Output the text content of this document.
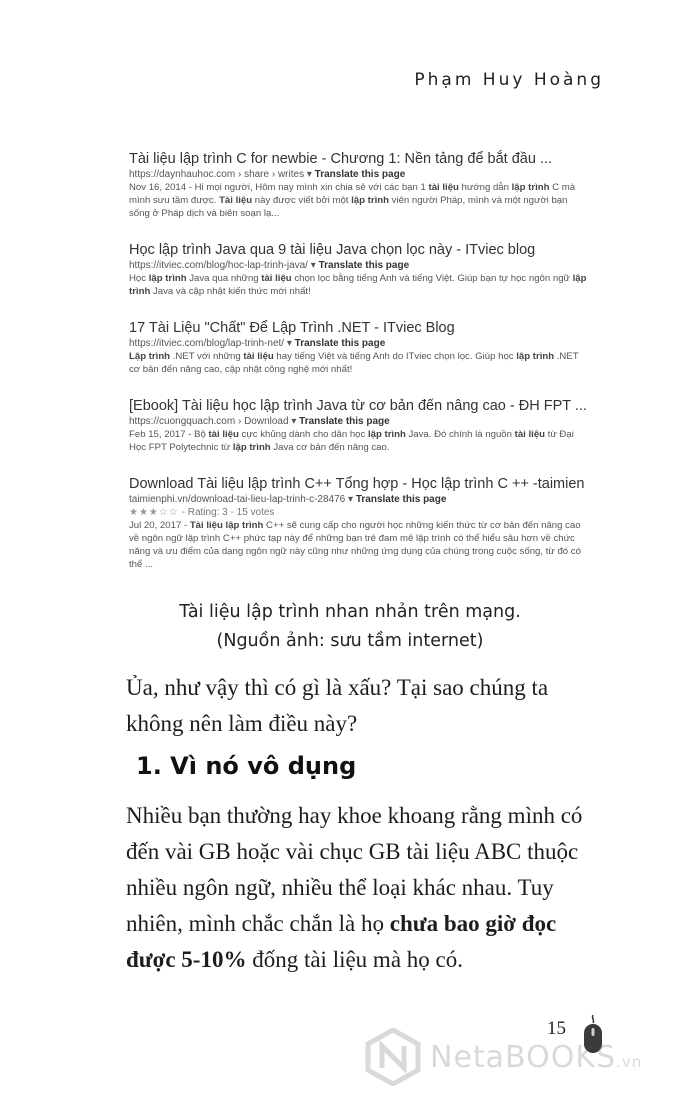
Phạm Huy Hoàng
Tài liệu lập trình C for newbie - Chương 1: Nền tảng để bắt đầu ...
https://daynhauhoc.com › share › writes ▾ Translate this page
Nov 16, 2014 - Hi mọi người, Hôm nay mình xin chia sẻ với các bạn 1 tài liệu hướng dẫn lập trình C mà mình sưu tầm được. Tài liệu này được viết bởi một lập trình viên người Pháp, mình và một người bạn sống ở Pháp dịch và biên soạn lạ...
Học lập trình Java qua 9 tài liệu Java chọn lọc này - ITviec blog
https://itviec.com/blog/hoc-lap-trinh-java/ ▾ Translate this page
Học lập trình Java qua những tài liệu chọn lọc bằng tiếng Anh và tiếng Việt. Giúp bạn tự học ngôn ngữ lập trình Java và cập nhật kiến thức mới nhất!
17 Tài Liệu "Chất" Để Lập Trình .NET - ITviec Blog
https://itviec.com/blog/lap-trinh-net/ ▾ Translate this page
Lập trình .NET với những tài liệu hay tiếng Việt và tiếng Anh do ITviec chọn lọc. Giúp học lập trình .NET cơ bản đến nâng cao, cập nhật công nghệ mới nhất!
[Ebook] Tài liệu học lập trình Java từ cơ bản đến nâng cao - ĐH FPT ...
https://cuongquach.com › Download ▾ Translate this page
Feb 15, 2017 - Bộ tài liệu cực khủng dành cho dân học lập trình Java. Đó chính là nguồn tài liệu từ Đại Học FPT Polytechnic từ lập trình Java cơ bản đến nâng cao.
Download Tài liệu lập trình C++ Tổng hợp - Học lập trình C ++ -taimien
taimienphi.vn/download-tai-lieu-lap-trinh-c-28476 ▾ Translate this page
★★★☆☆ - Rating: 3 - 15 votes
Jul 20, 2017 - Tài liệu lập trình C++ sẽ cung cấp cho người học những kiến thức từ cơ bản đến nâng cao về ngôn ngữ lập trình C++ phức tạp này để những bạn trẻ đam mê lập trình có thể hiểu sâu hơn về chức năng và ưu điểm của dạng ngôn ngữ này cũng như những ứng dụng của chúng trong cuộc sống, từ đó có thể ...
Tài liệu lập trình nhan nhản trên mạng.
(Nguồn ảnh: sưu tầm internet)
Ủa, như vậy thì có gì là xấu? Tại sao chúng ta không nên làm điều này?
1. Vì nó vô dụng
Nhiều bạn thường hay khoe khoang rằng mình có đến vài GB hoặc vài chục GB tài liệu ABC thuộc nhiều ngôn ngữ, nhiều thể loại khác nhau. Tuy nhiên, mình chắc chắn là họ chưa bao giờ đọc được 5-10% đống tài liệu mà họ có.
15
NetaBOOKS.vn
